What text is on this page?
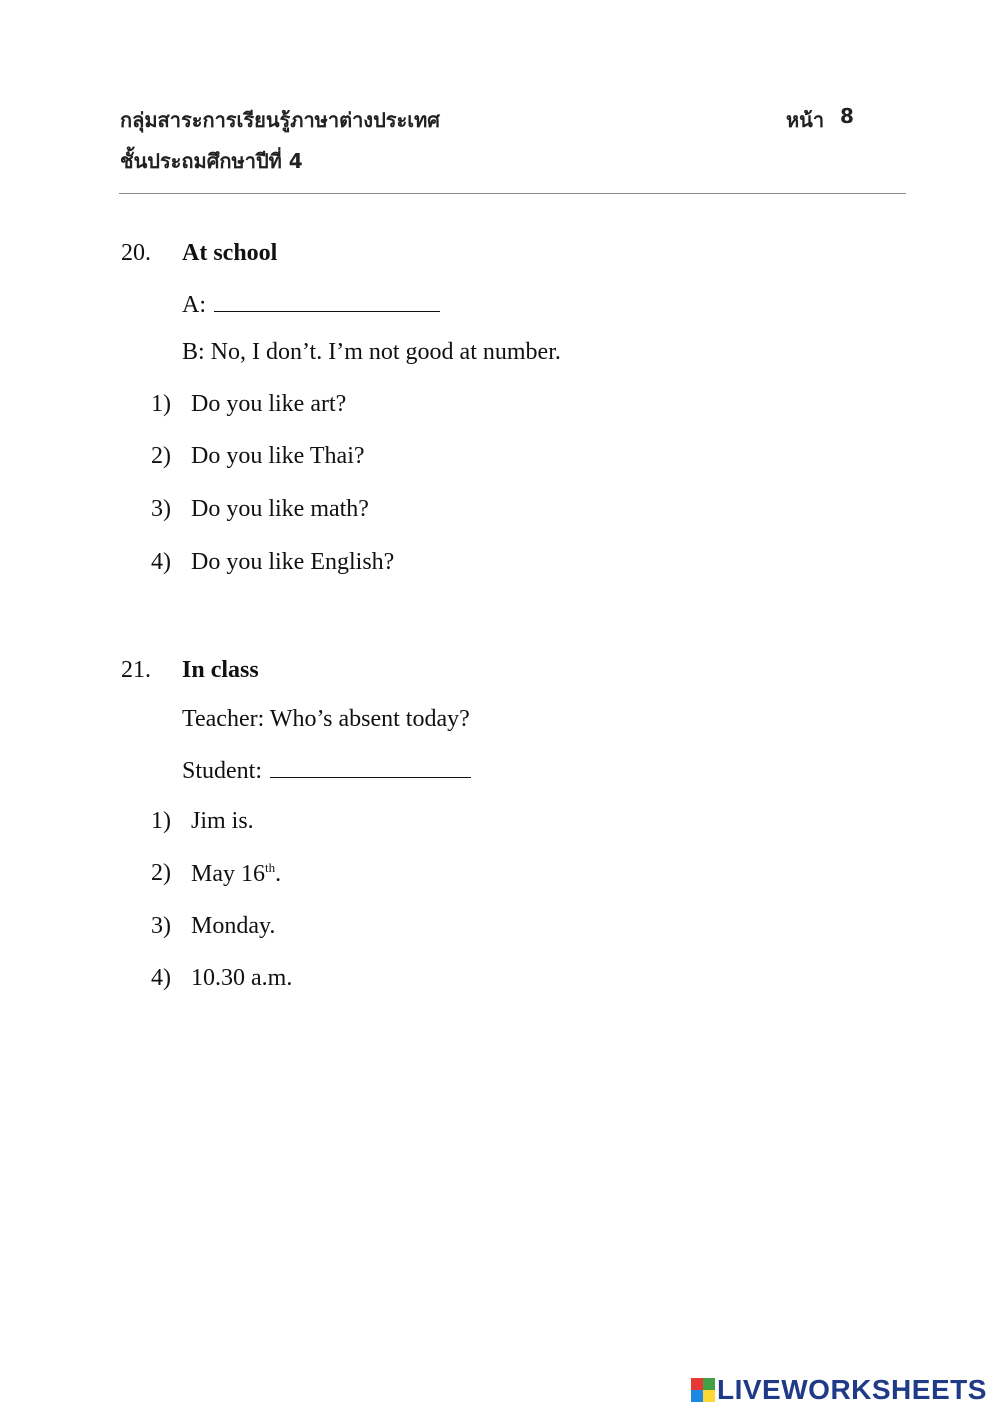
กลุ่มสาระการเรียนรู้ภาษาต่างประเทศ
ชั้นประถมศึกษาปีที่ 4
หน้า 8
20. At school
A:
B: No, I don’t. I’m not good at number.
1) Do you like art?
2) Do you like Thai?
3) Do you like math?
4) Do you like English?
21. In class
Teacher: Who’s absent today?
Student:
1) Jim is.
2) May 16th.
3) Monday.
4) 10.30 a.m.
LIVEWORKSHEETS
